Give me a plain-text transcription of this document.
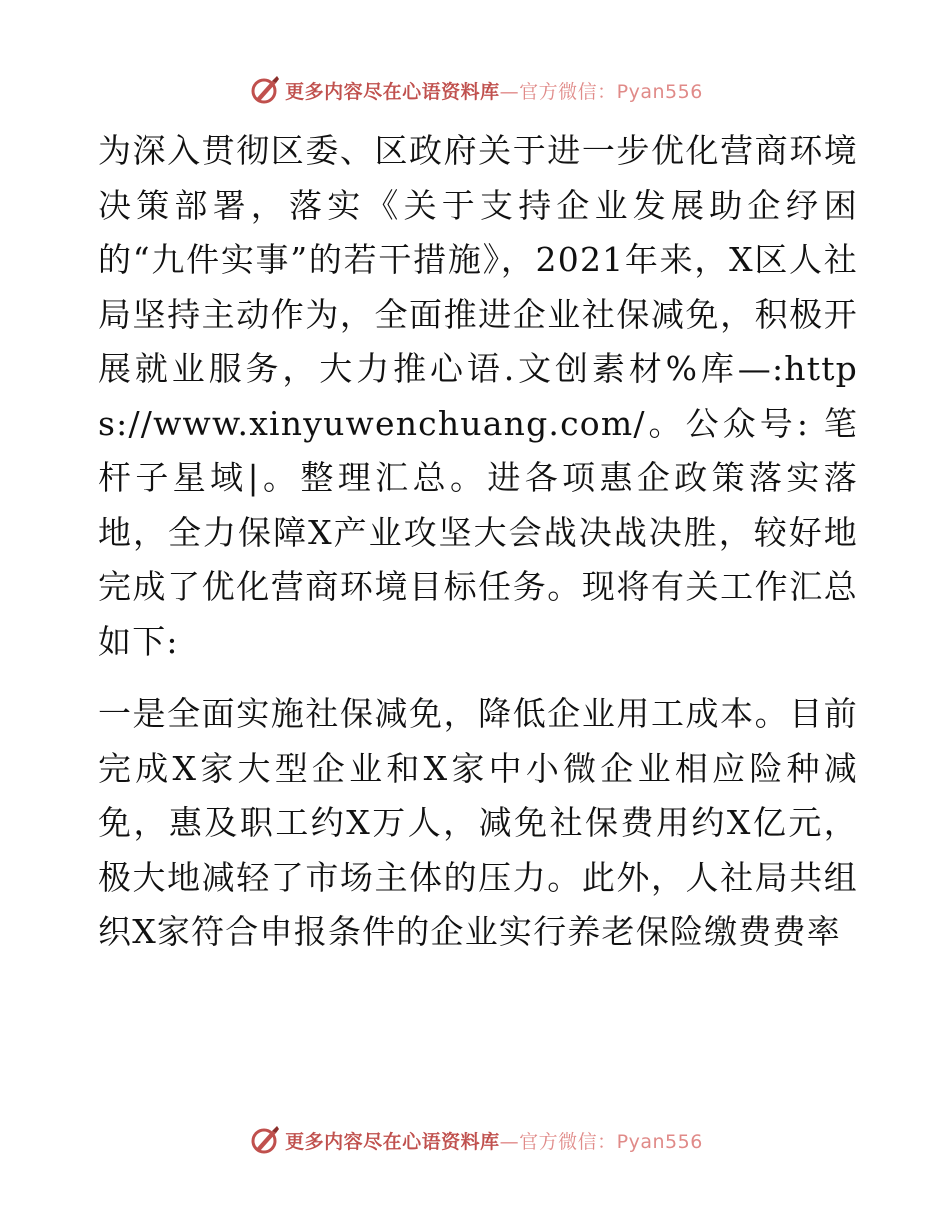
更多内容尽在心语资料库 —官方微信：Pyan556

为深入贯彻区委、区政府关于进一步优化营商环境决策部署，落实《关于支持企业发展助企纾困的“九件实事”的若干措施》，2021年来，X区人社局坚持主动作为，全面推进企业社保减免，积极开展就业服务，大力推心语.文创素材%库—:https://www.xinyuwenchuang.com/。公众号: 笔杆子星域|。整理汇总。进各项惠企政策落实落地，全力保障X产业攻坚大会战决战决胜，较好地完成了优化营商环境目标任务。现将有关工作汇总如下:

一是全面实施社保减免，降低企业用工成本。目前完成X家大型企业和X家中小微企业相应险种减免，惠及职工约X万人，减免社保费用约X亿元，极大地减轻了市场主体的压力。此外，人社局共组织X家符合申报条件的企业实行养老保险缴费费率

更多内容尽在心语资料库 —官方微信：Pyan556
